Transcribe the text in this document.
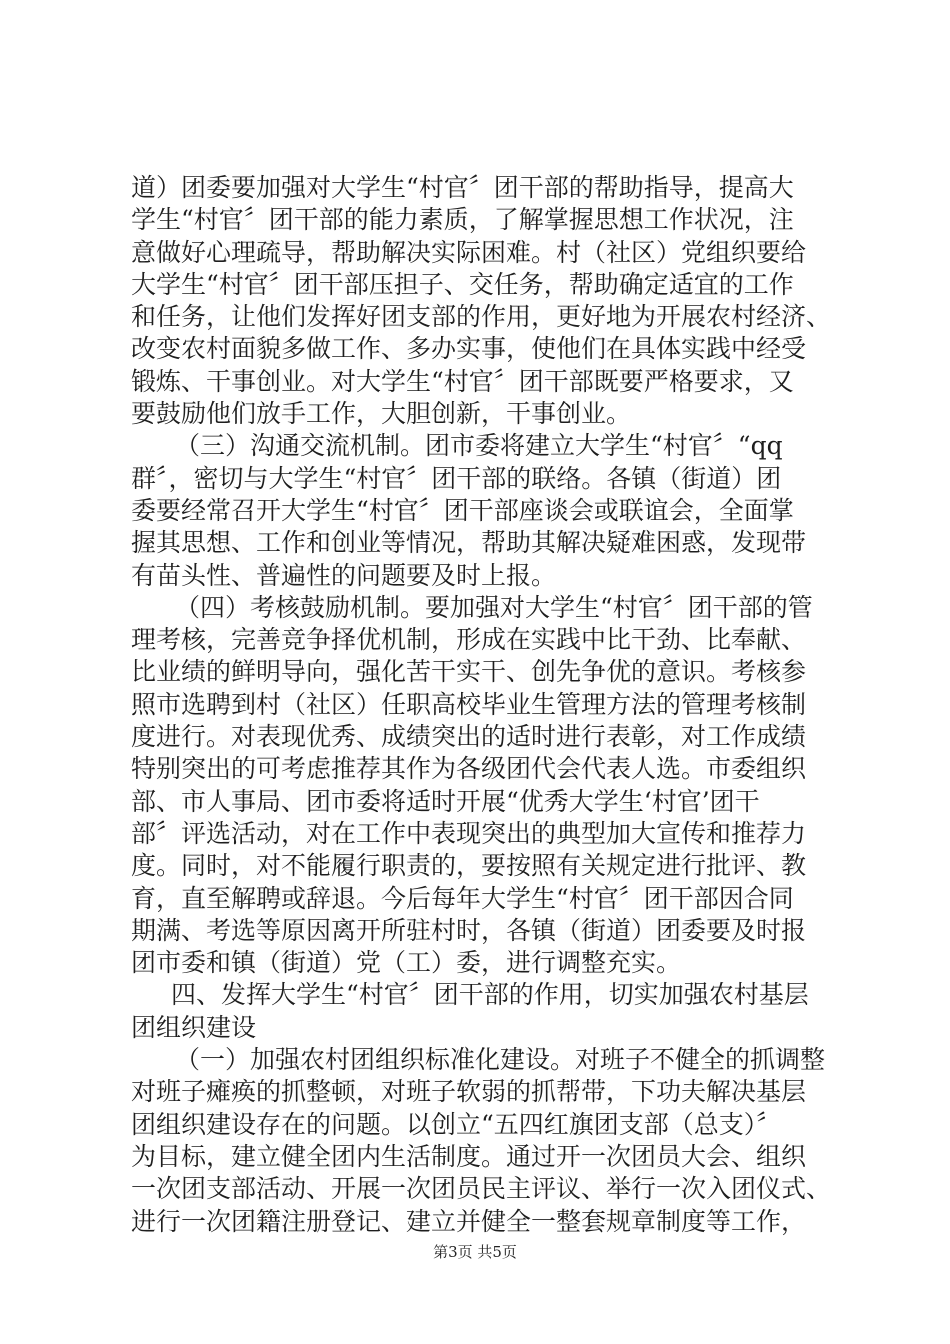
道）团委要加强对大学生“村官〞团干部的帮助指导，提高大
学生“村官〞团干部的能力素质，了解掌握思想工作状况，注
意做好心理疏导，帮助解决实际困难。村（社区）党组织要给
大学生“村官〞团干部压担子、交任务，帮助确定适宜的工作
和任务，让他们发挥好团支部的作用，更好地为开展农村经济、
改变农村面貌多做工作、多办实事，使他们在具体实践中经受
锻炼、干事创业。对大学生“村官〞团干部既要严格要求，又
要鼓励他们放手工作，大胆创新，干事创业。
（三）沟通交流机制。团市委将建立大学生“村官〞“qq
群〞，密切与大学生“村官〞团干部的联络。各镇（街道）团
委要经常召开大学生“村官〞团干部座谈会或联谊会，全面掌
握其思想、工作和创业等情况，帮助其解决疑难困惑，发现带
有苗头性、普遍性的问题要及时上报。
（四）考核鼓励机制。要加强对大学生“村官〞团干部的管
理考核，完善竞争择优机制，形成在实践中比干劲、比奉献、
比业绩的鲜明导向，强化苦干实干、创先争优的意识。考核参
照市选聘到村（社区）任职高校毕业生管理方法的管理考核制
度进行。对表现优秀、成绩突出的适时进行表彰，对工作成绩
特别突出的可考虑推荐其作为各级团代会代表人选。市委组织
部、市人事局、团市委将适时开展“优秀大学生‘村官’团干
部〞评选活动，对在工作中表现突出的典型加大宣传和推荐力
度。同时，对不能履行职责的，要按照有关规定进行批评、教
育，直至解聘或辞退。今后每年大学生“村官〞团干部因合同
期满、考选等原因离开所驻村时，各镇（街道）团委要及时报
团市委和镇（街道）党（工）委，进行调整充实。
四、发挥大学生“村官〞团干部的作用，切实加强农村基层
团组织建设
（一）加强农村团组织标准化建设。对班子不健全的抓调整
对班子瘫痪的抓整顿，对班子软弱的抓帮带，下功夫解决基层
团组织建设存在的问题。以创立“五四红旗团支部（总支）〞
为目标，建立健全团内生活制度。通过开一次团员大会、组织
一次团支部活动、开展一次团员民主评议、举行一次入团仪式、
进行一次团籍注册登记、建立并健全一整套规章制度等工作，
第3页 共5页
